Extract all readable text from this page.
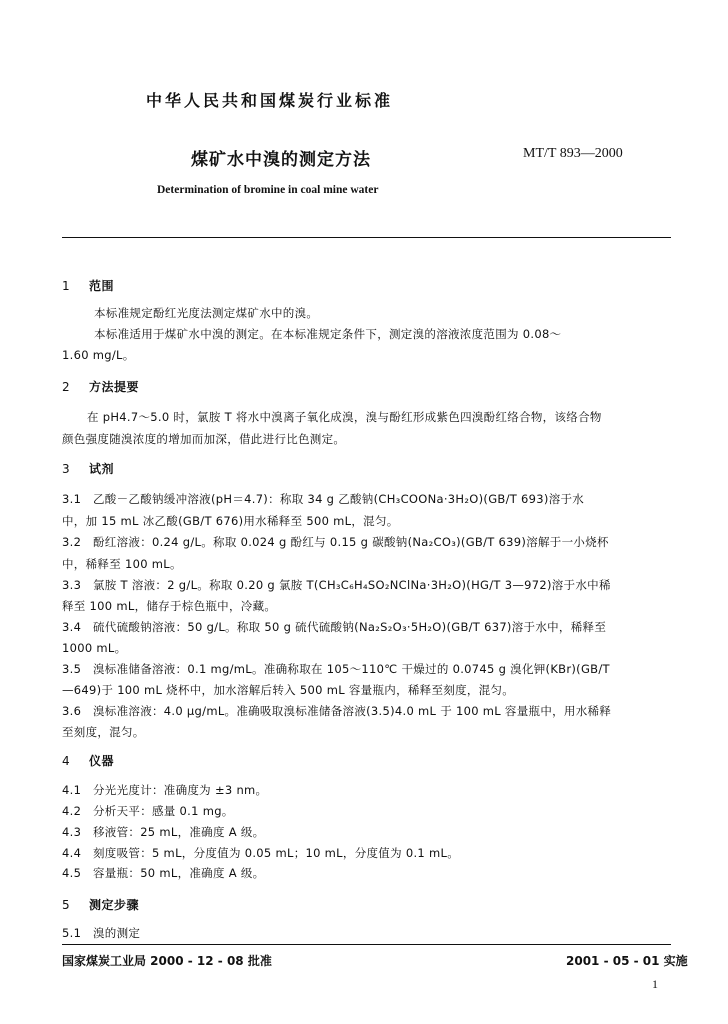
中华人民共和国煤炭行业标准
煤矿水中溴的测定方法	MT/T 893—2000
Determination of bromine in coal mine water
1 范围
本标准规定酚红光度法测定煤矿水中的溴。
本标准适用于煤矿水中溴的测定。在本标准规定条件下，测定溴的溶液浓度范围为 0.08～
1.60 mg/L。
2 方法提要
在 pH4.7～5.0 时，氯胺 T 将水中溴离子氧化成溴，溴与酚红形成紫色四溴酚红络合物，该络合物
颜色强度随溴浓度的增加而加深，借此进行比色测定。
3 试剂
3.1　乙酸－乙酸钠缓冲溶液(pH＝4.7)：称取 34 g 乙酸钠(CH₃COONa·3H₂O)(GB/T 693)溶于水
中，加 15 mL 冰乙酸(GB/T 676)用水稀释至 500 mL，混匀。
3.2　酚红溶液：0.24 g/L。称取 0.024 g 酚红与 0.15 g 碳酸钠(Na₂CO₃)(GB/T 639)溶解于一小烧杯
中，稀释至 100 mL。
3.3　氯胺 T 溶液：2 g/L。称取 0.20 g 氯胺 T(CH₃C₆H₄SO₂NClNa·3H₂O)(HG/T 3—972)溶于水中稀
释至 100 mL，储存于棕色瓶中，冷藏。
3.4　硫代硫酸钠溶液：50 g/L。称取 50 g 硫代硫酸钠(Na₂S₂O₃·5H₂O)(GB/T 637)溶于水中，稀释至
1000 mL。
3.5　溴标准储备溶液：0.1 mg/mL。准确称取在 105～110℃ 干燥过的 0.0745 g 溴化钾(KBr)(GB/T
—649)于 100 mL 烧杯中，加水溶解后转入 500 mL 容量瓶内，稀释至刻度，混匀。
3.6　溴标准溶液：4.0 μg/mL。准确吸取溴标准储备溶液(3.5)4.0 mL 于 100 mL 容量瓶中，用水稀释
至刻度，混匀。
4 仪器
4.1　分光光度计：准确度为 ±3 nm。
4.2　分析天平：感量 0.1 mg。
4.3　移液管：25 mL，准确度 A 级。
4.4　刻度吸管：5 mL，分度值为 0.05 mL；10 mL，分度值为 0.1 mL。
4.5　容量瓶：50 mL，准确度 A 级。
5 测定步骤
5.1　溴的测定
国家煤炭工业局 2000 - 12 - 08 批准	2001 - 05 - 01 实施
1
